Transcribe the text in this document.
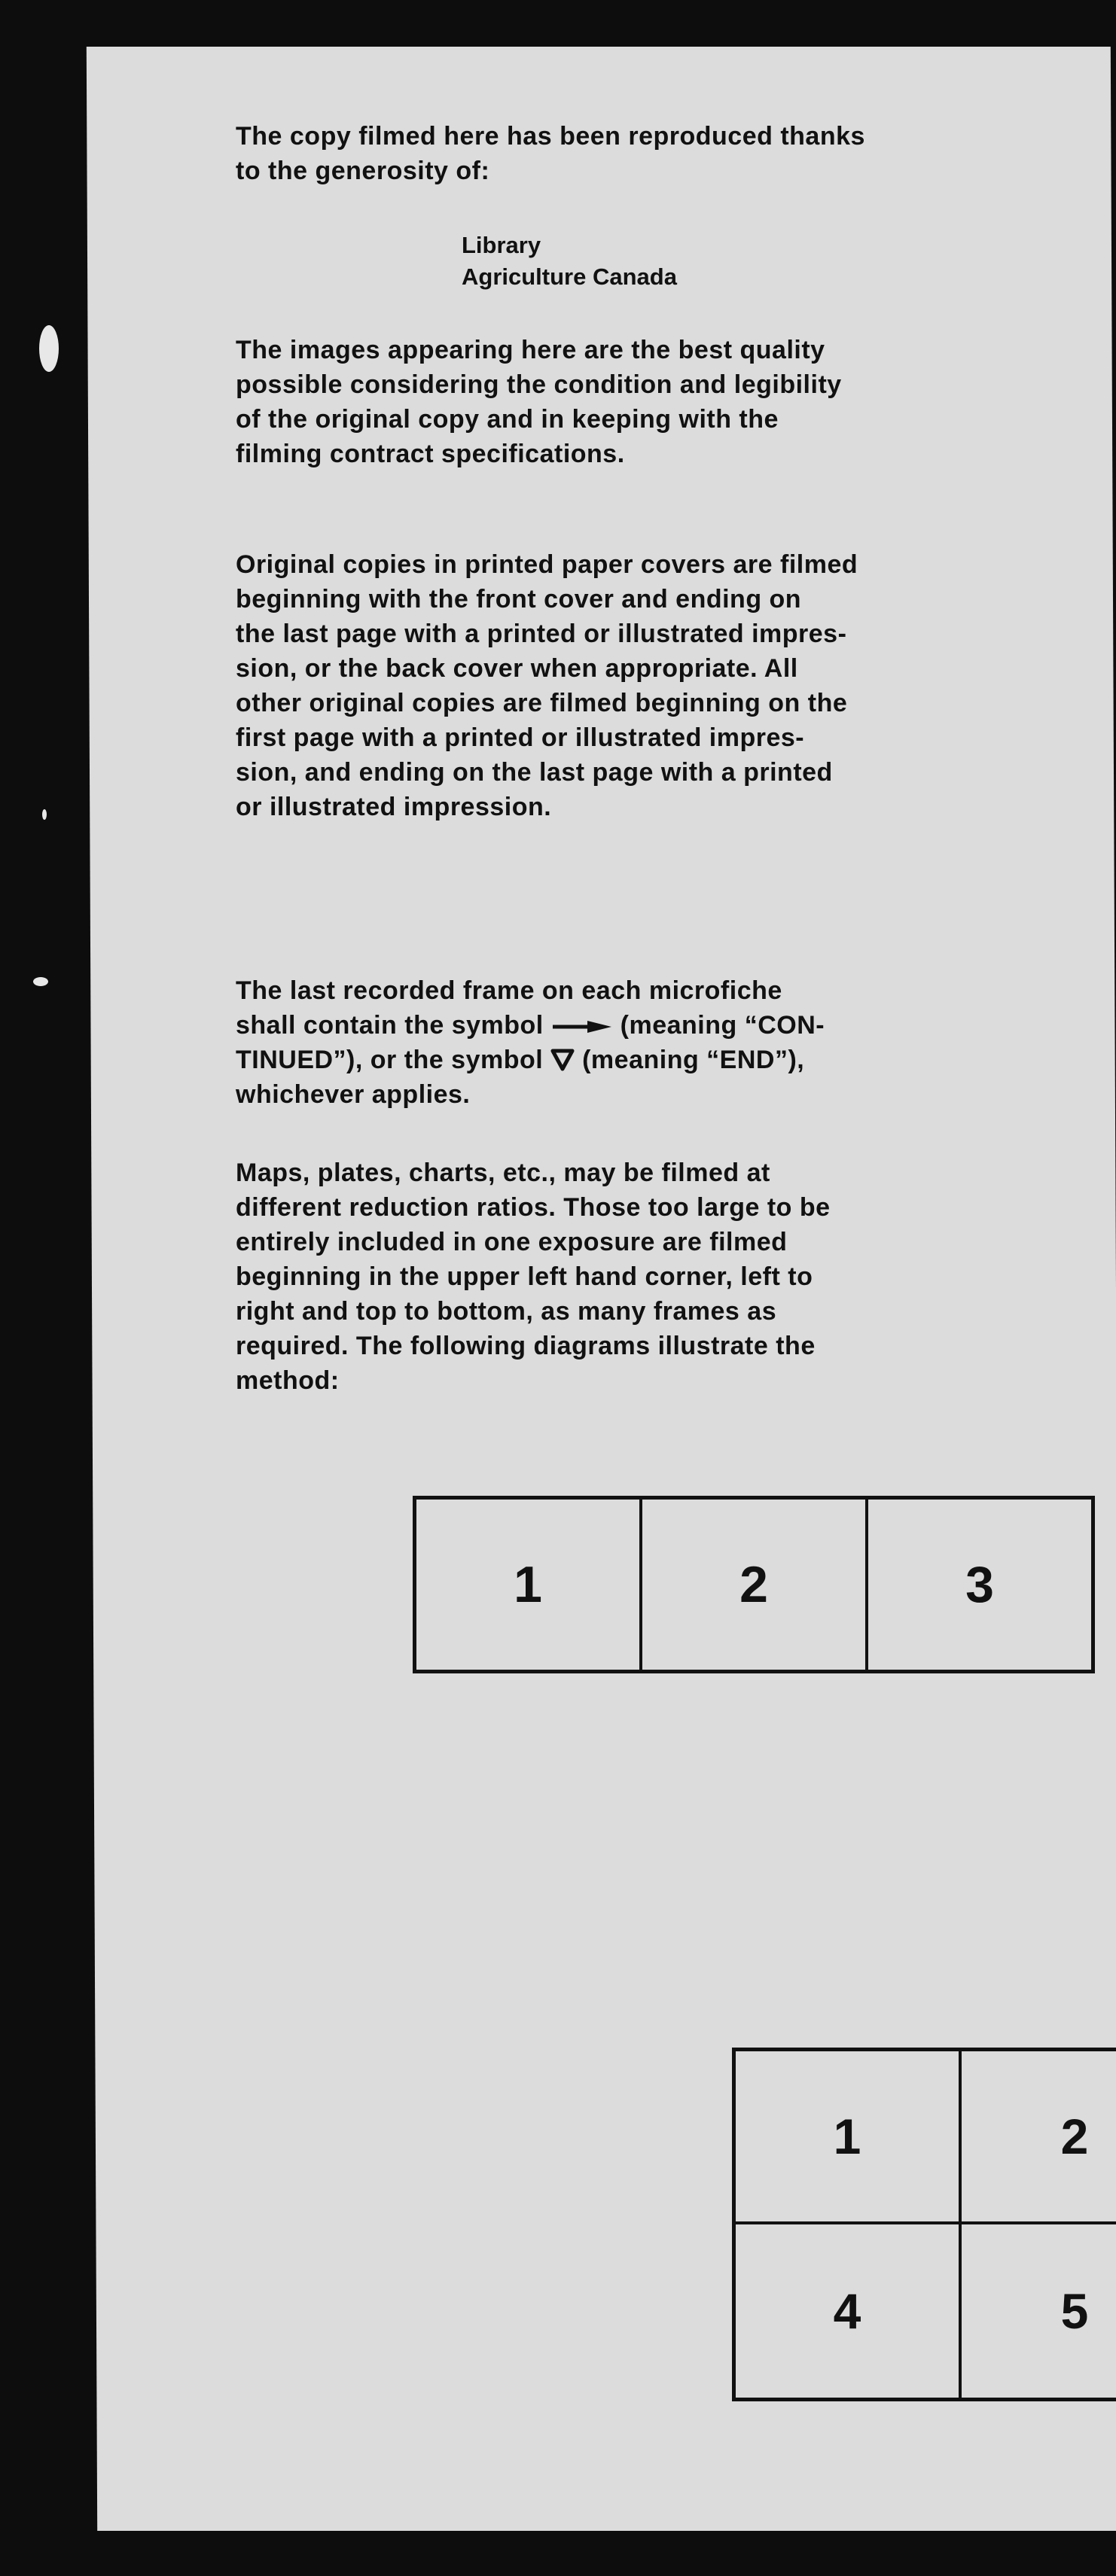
The copy filmed here has been reproduced thanks
to the generosity of:
Library
Agriculture Canada
The images appearing here are the best quality
possible considering the condition and legibility
of the original copy and in keeping with the
filming contract specifications.
Original copies in printed paper covers are filmed
beginning with the front cover and ending on
the last page with a printed or illustrated impres-
sion, or the back cover when appropriate. All
other original copies are filmed beginning on the
first page with a printed or illustrated impres-
sion, and ending on the last page with a printed
or illustrated impression.
The last recorded frame on each microfiche
shall contain the symbol	(meaning “CON-
TINUED”), or the symbol (meaning “END”),
whichever applies.
Maps, plates, charts, etc., may be filmed at
different reduction ratios. Those too large to be
entirely included in one exposure are filmed
beginning in the upper left hand corner, left to
right and top to bottom, as many frames as
required. The following diagrams illustrate the
method:
1	2	3
1	2
4	5
